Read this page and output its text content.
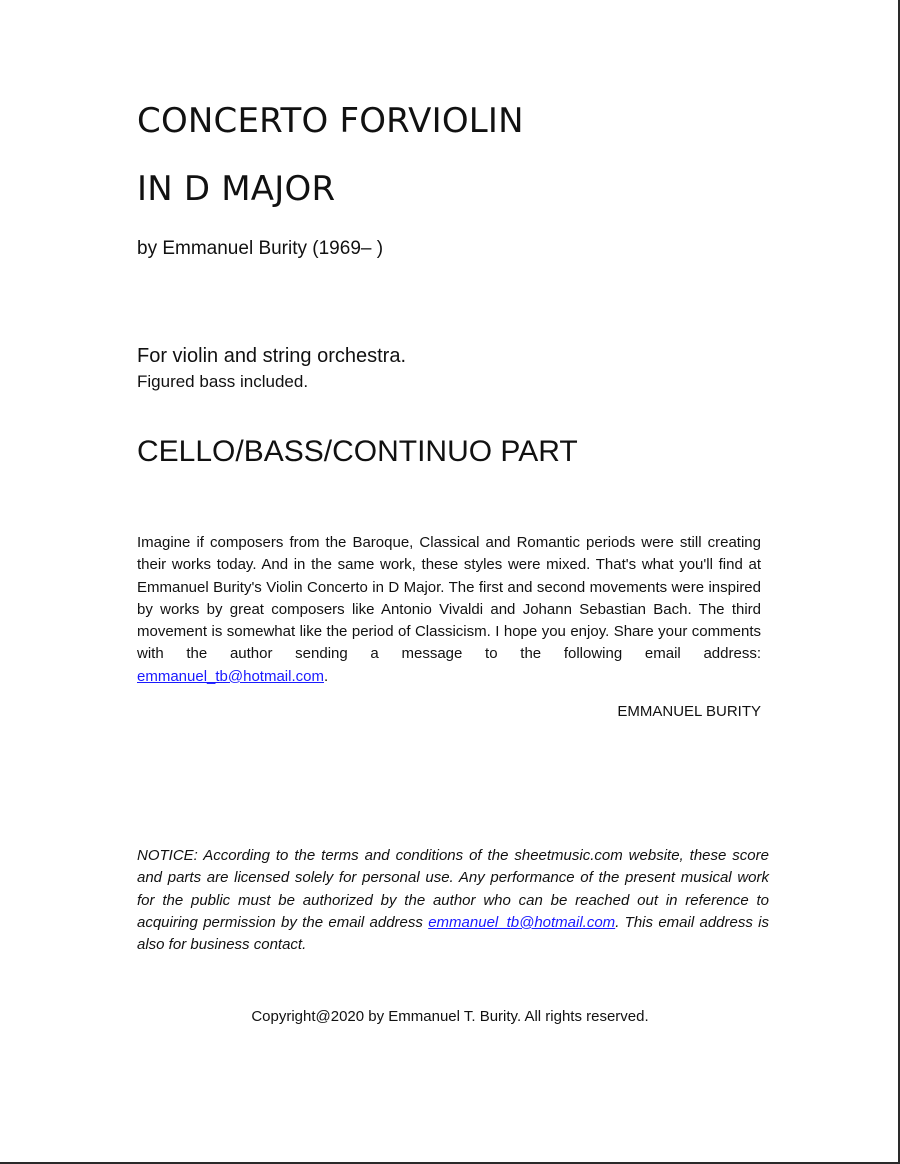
CONCERTO FORVIOLIN
IN D MAJOR
by Emmanuel Burity (1969– )
For violin and string orchestra.
Figured bass included.
CELLO/BASS/CONTINUO PART
Imagine if composers from the Baroque, Classical and Romantic periods were still creating their works today. And in the same work, these styles were mixed. That's what you'll find at Emmanuel Burity's Violin Concerto in D Major. The first and second movements were inspired by works by great composers like Antonio Vivaldi and Johann Sebastian Bach. The third movement is somewhat like the period of Classicism. I hope you enjoy. Share your comments with the author sending a message to the following email address: emmanuel_tb@hotmail.com.
EMMANUEL BURITY
NOTICE: According to the terms and conditions of the sheetmusic.com website, these score and parts are licensed solely for personal use. Any performance of the present musical work for the public must be authorized by the author who can be reached out in reference to acquiring permission by the email address emmanuel_tb@hotmail.com. This email address is also for business contact.
Copyright@2020 by Emmanuel T. Burity. All rights reserved.
